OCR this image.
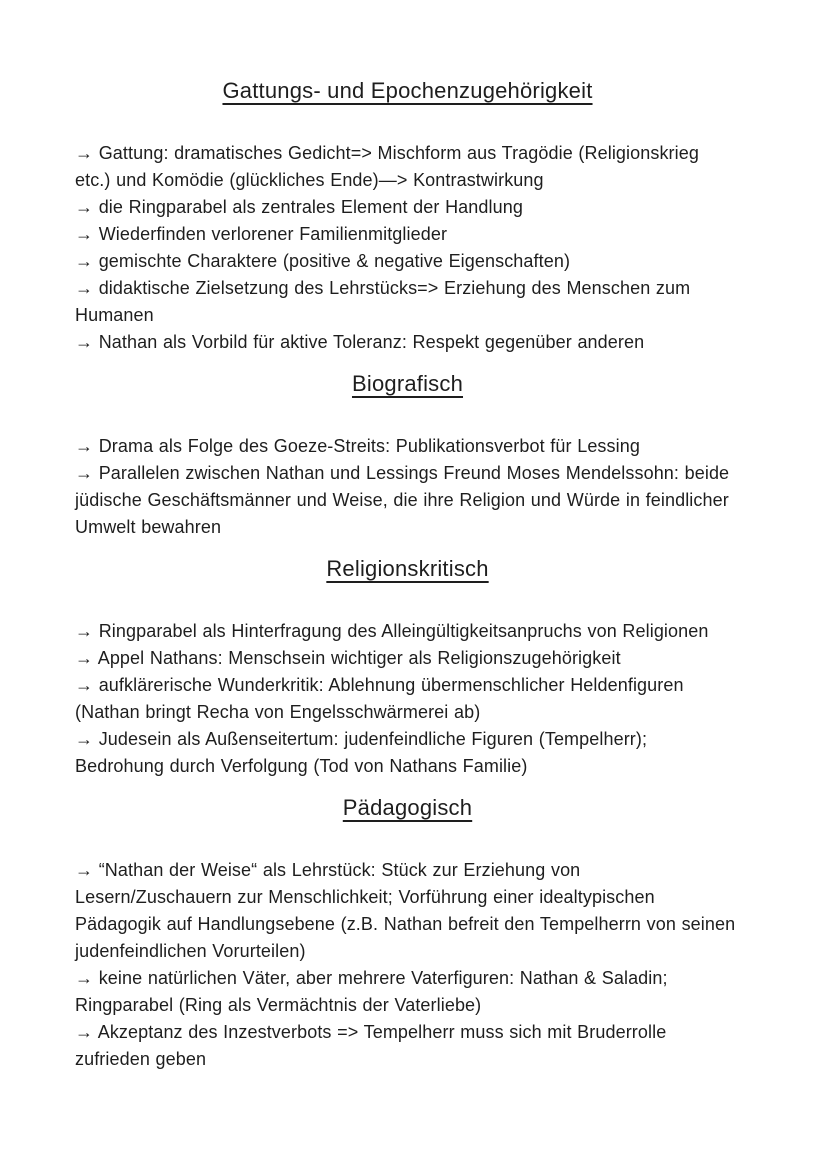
Gattungs- und Epochenzugehörigkeit

→ Gattung: dramatisches Gedicht=> Mischform aus Tragödie (Religionskrieg etc.) und Komödie (glückliches Ende)—> Kontrastwirkung

→ die Ringparabel als zentrales Element der Handlung

→ Wiederfinden verlorener Familienmitglieder

→ gemischte Charaktere (positive & negative Eigenschaften)

→ didaktische Zielsetzung des Lehrstücks=> Erziehung des Menschen zum Humanen

→ Nathan als Vorbild für aktive Toleranz: Respekt gegenüber anderen

Biografisch

→ Drama als Folge des Goeze-Streits: Publikationsverbot für Lessing

→ Parallelen zwischen Nathan und Lessings Freund Moses Mendelssohn: beide jüdische Geschäftsmänner und Weise, die ihre Religion und Würde in feindlicher Umwelt bewahren

Religionskritisch

→ Ringparabel als Hinterfragung des Alleingültigkeitsanpruchs von Religionen

→ Appel Nathans: Menschsein wichtiger als Religionszugehörigkeit

→ aufklärerische Wunderkritik: Ablehnung übermenschlicher Heldenfiguren (Nathan bringt Recha von Engelsschwärmerei ab)

→ Judesein als Außenseitertum: judenfeindliche Figuren (Tempelherr); Bedrohung durch Verfolgung (Tod von Nathans Familie)

Pädagogisch

→ “Nathan der Weise“ als Lehrstück: Stück zur Erziehung von Lesern/Zuschauern zur Menschlichkeit; Vorführung einer idealtypischen Pädagogik auf Handlungsebene (z.B. Nathan befreit den Tempelherrn von seinen judenfeindlichen Vorurteilen)

→ keine natürlichen Väter, aber mehrere Vaterfiguren: Nathan & Saladin; Ringparabel (Ring als Vermächtnis der Vaterliebe)

→ Akzeptanz des Inzestverbots => Tempelherr muss sich mit Bruderrolle zufrieden geben
